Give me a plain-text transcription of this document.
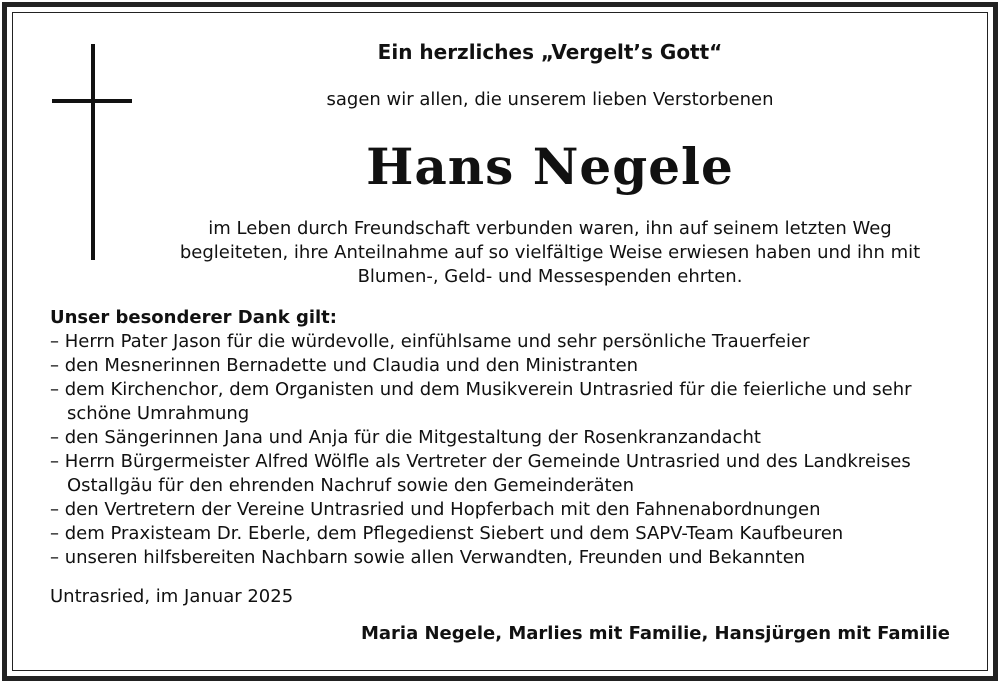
Ein herzliches „Vergelt’s Gott“
sagen wir allen, die unserem lieben Verstorbenen
Hans Negele
im Leben durch Freundschaft verbunden waren, ihn auf seinem letzten Weg
begleiteten, ihre Anteilnahme auf so vielfältige Weise erwiesen haben und ihn mit
Blumen-, Geld- und Messespenden ehrten.
Unser besonderer Dank gilt:
– Herrn Pater Jason für die würdevolle, einfühlsame und sehr persönliche Trauerfeier
– den Mesnerinnen Bernadette und Claudia und den Ministranten
– dem Kirchenchor, dem Organisten und dem Musikverein Untrasried für die feierliche und sehr schöne Umrahmung
– den Sängerinnen Jana und Anja für die Mitgestaltung der Rosenkranzandacht
– Herrn Bürgermeister Alfred Wölfle als Vertreter der Gemeinde Untrasried und des Landkreises Ostallgäu für den ehrenden Nachruf sowie den Gemeinderäten
– den Vertretern der Vereine Untrasried und Hopferbach mit den Fahnenabordnungen
– dem Praxisteam Dr. Eberle, dem Pflegedienst Siebert und dem SAPV-Team Kaufbeuren
– unseren hilfsbereiten Nachbarn sowie allen Verwandten, Freunden und Bekannten
Untrasried, im Januar 2025
Maria Negele, Marlies mit Familie, Hansjürgen mit Familie
